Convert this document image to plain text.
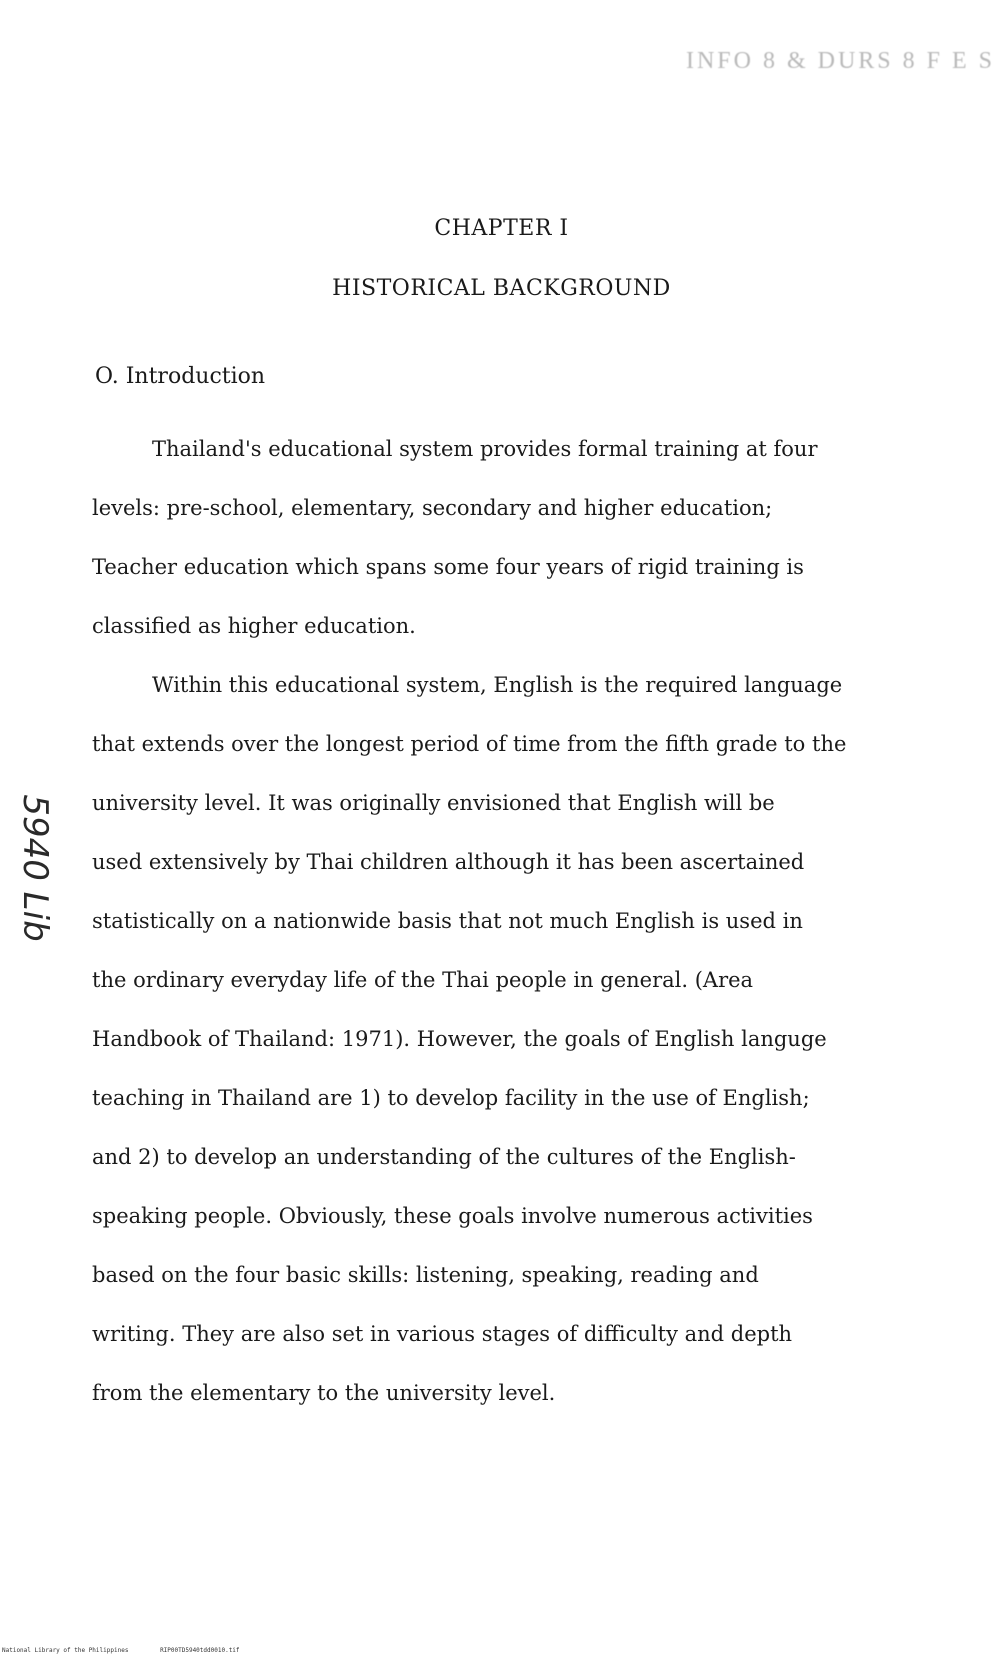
INFO 8 & DURS 8 F E S
CHAPTER I
HISTORICAL BACKGROUND
O. Introduction
Thailand's educational system provides formal training at four
levels: pre-school, elementary, secondary and higher education;
Teacher education which spans some four years of rigid training is
classified as higher education.
Within this educational system, English is the required language
that extends over the longest period of time from the fifth grade to the
university level. It was originally envisioned that English will be
used extensively by Thai children although it has been ascertained
statistically on a nationwide basis that not much English is used in
the ordinary everyday life of the Thai people in general. (Area
Handbook of Thailand: 1971). However, the goals of English languge
teaching in Thailand are 1) to develop facility in the use of English;
and 2) to develop an understanding of the cultures of the English-
speaking people. Obviously, these goals involve numerous activities
based on the four basic skills: listening, speaking, reading and
writing. They are also set in various stages of difficulty and depth
from the elementary to the university level.
5940 Lib
National Library of the Philippines	RIP00TD5940tdd0010.tif
